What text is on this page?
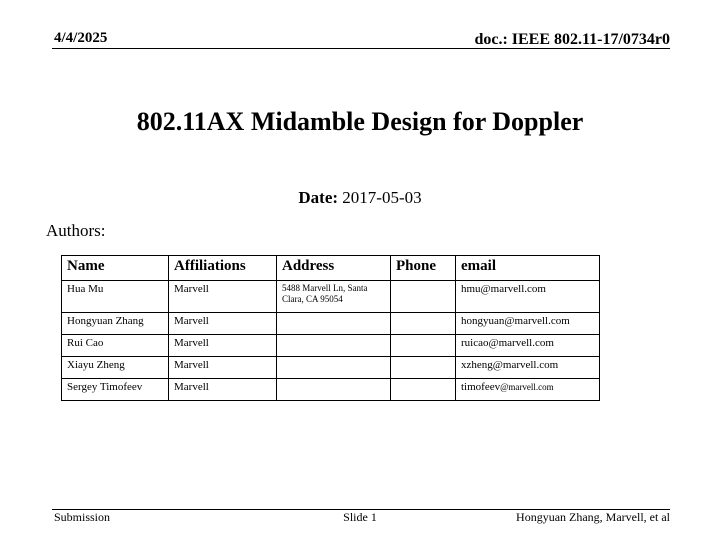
4/4/2025	doc.: IEEE 802.11-17/0734r0
802.11AX Midamble Design for Doppler
Date: 2017-05-03
Authors:
Name	Affiliations	Address	Phone	email
Hua Mu	Marvell	5488 Marvell Ln, Santa Clara, CA 95054		hmu@marvell.com
Hongyuan Zhang	Marvell			hongyuan@marvell.com
Rui Cao	Marvell			ruicao@marvell.com
Xiayu Zheng	Marvell			xzheng@marvell.com
Sergey Timofeev	Marvell			timofeev@marvell.com
Submission	Slide 1	Hongyuan Zhang, Marvell, et al
